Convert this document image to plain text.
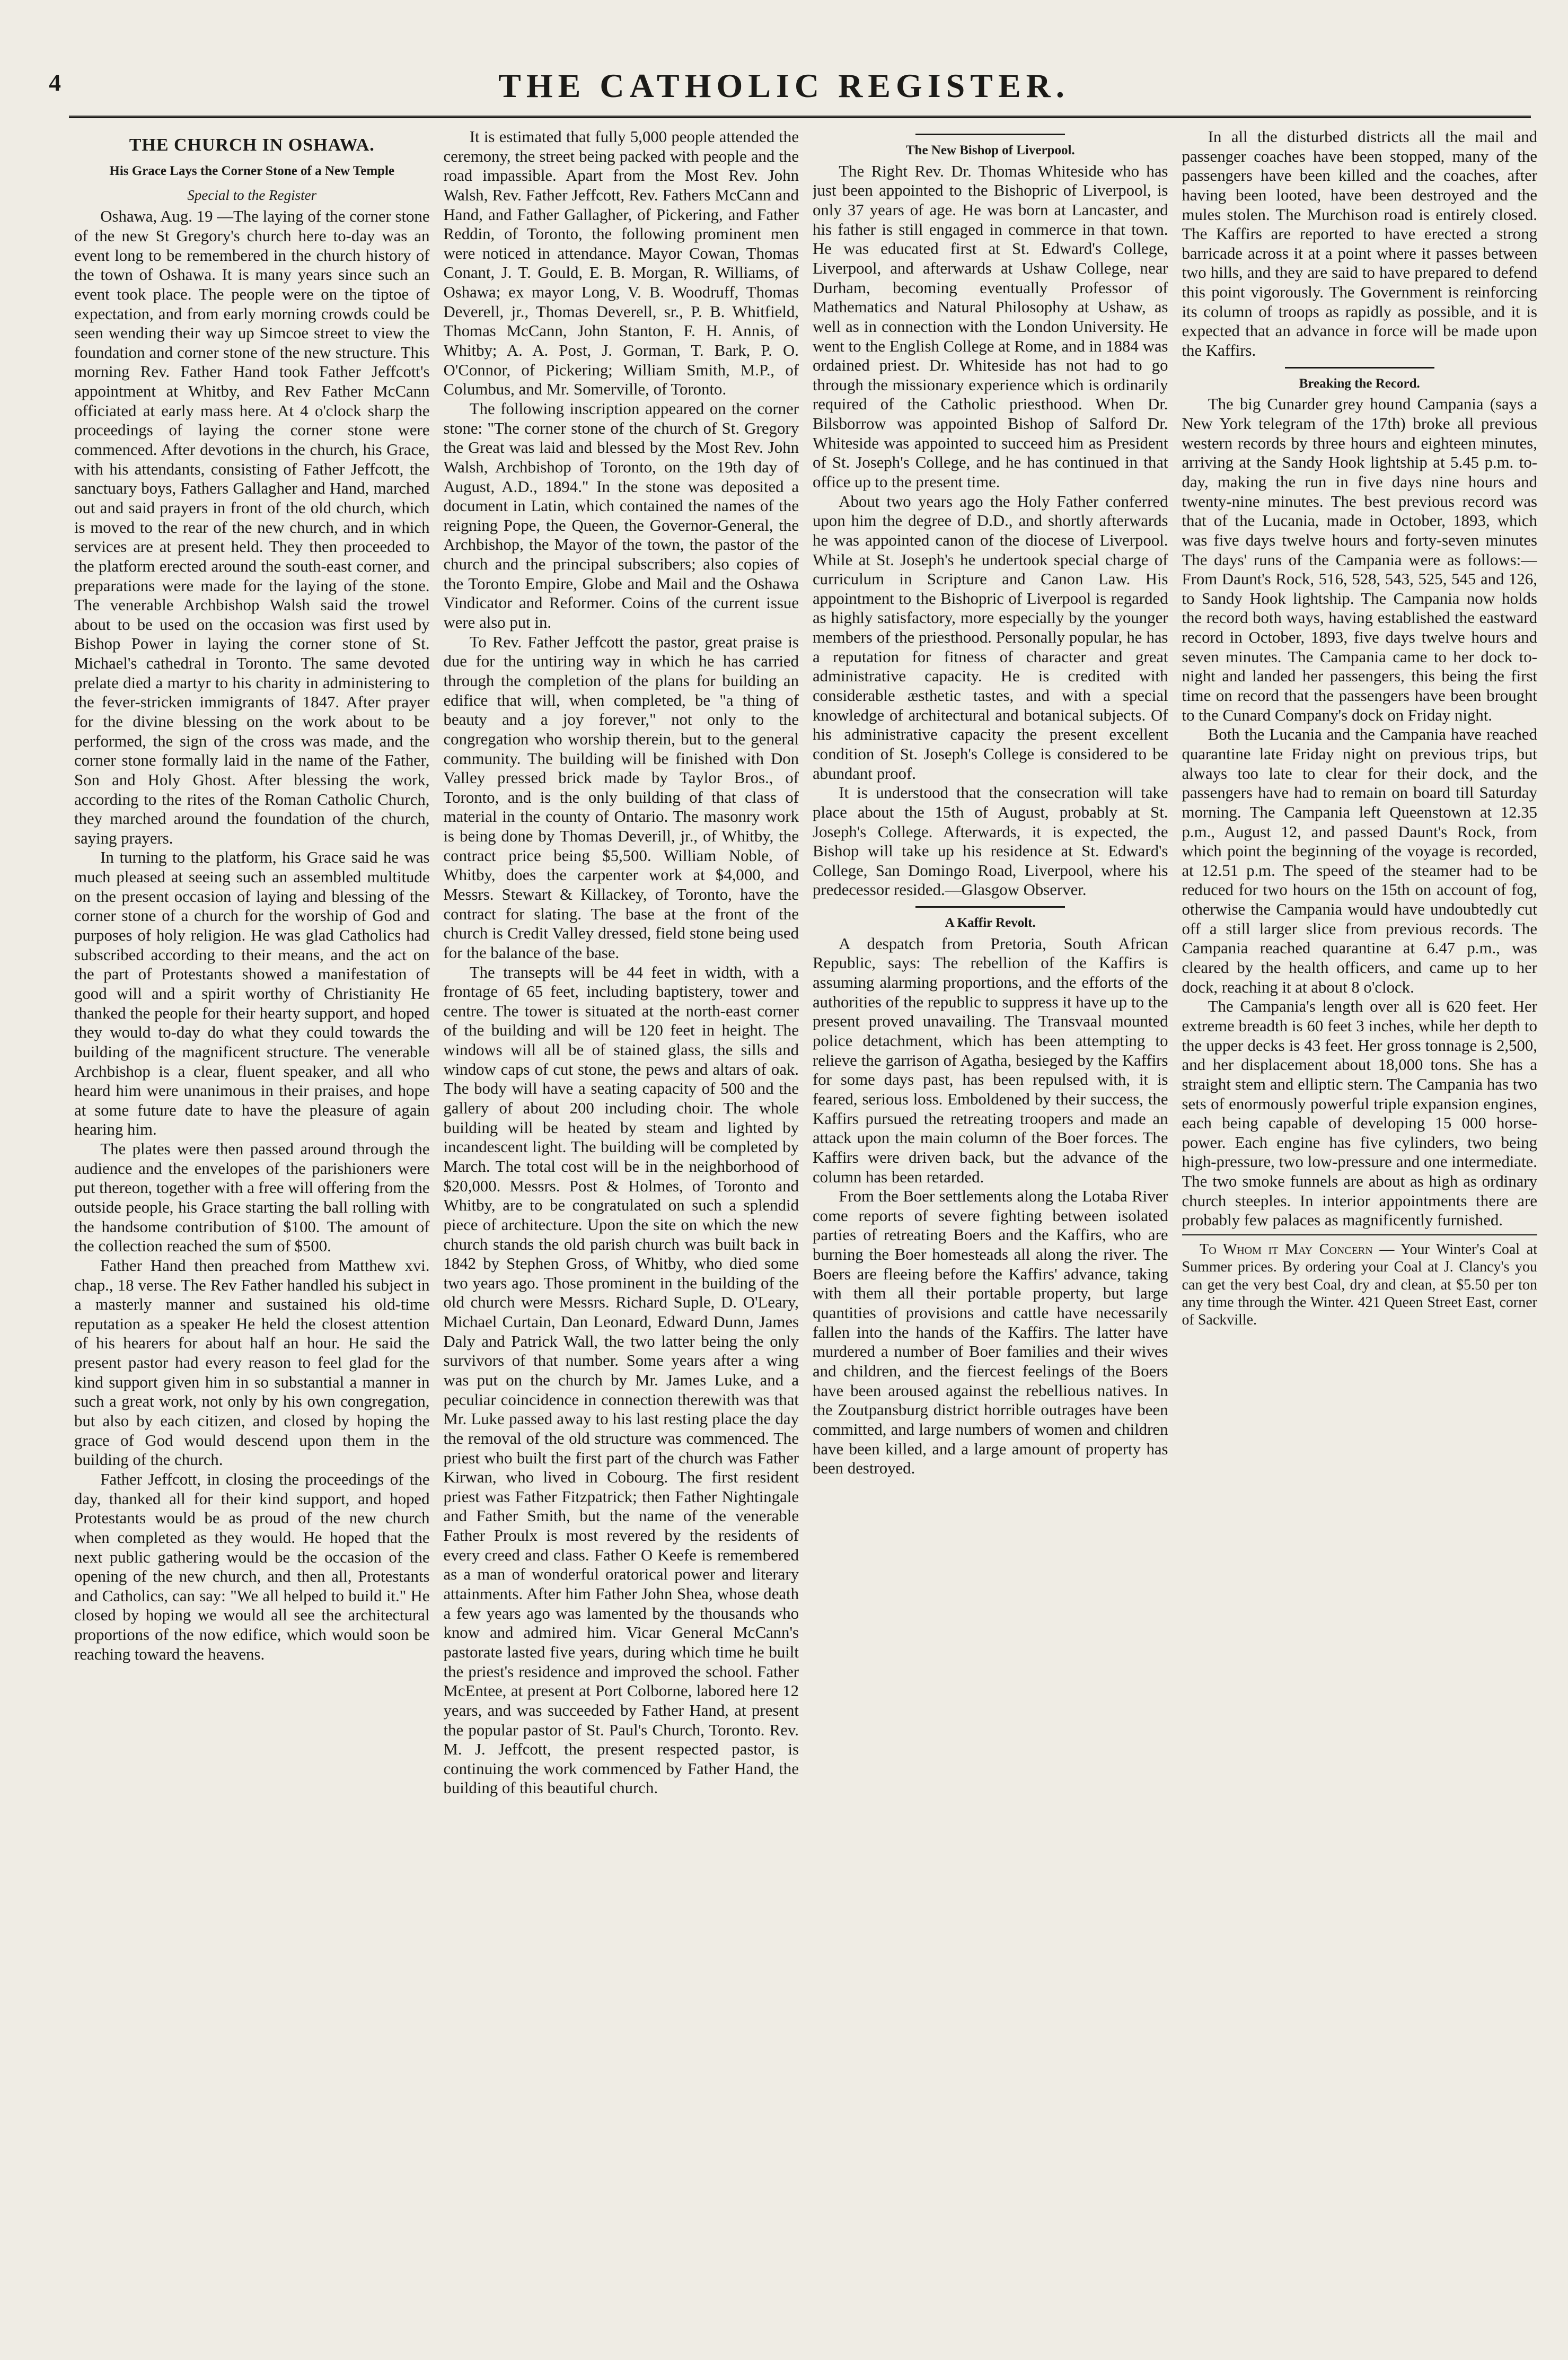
4	THE CATHOLIC REGISTER.
THE CHURCH IN OSHAWA.
His Grace Lays the Corner Stone of a New Temple
Special to the Register

Oshawa, Aug. 19 —The laying of the corner stone of the new St Gregory's church here to-day was an event long to be remembered in the church history of the town of Oshawa. It is many years since such an event took place. The people were on the tiptoe of expectation, and from early morning crowds could be seen wending their way up Simcoe street to view the foundation and corner stone of the new structure. This morning Rev. Father Hand took Father Jeffcott's appointment at Whitby, and Rev Father McCann officiated at early mass here. At 4 o'clock sharp the proceedings of laying the corner stone were commenced. After devotions in the church, his Grace, with his attendants, consisting of Father Jeffcott, the sanctuary boys, Fathers Gallagher and Hand, marched out and said prayers in front of the old church, which is moved to the rear of the new church, and in which services are at present held. They then proceeded to the platform erected around the south-east corner, and preparations were made for the laying of the stone. The venerable Archbishop Walsh said the trowel about to be used on the occasion was first used by Bishop Power in laying the corner stone of St. Michael's cathedral in Toronto. The same devoted prelate died a martyr to his charity in administering to the fever-stricken immigrants of 1847. After prayer for the divine blessing on the work about to be performed, the sign of the cross was made, and the corner stone formally laid in the name of the Father, Son and Holy Ghost. After blessing the work, according to the rites of the Roman Catholic Church, they marched around the foundation of the church, saying prayers.

In turning to the platform, his Grace said he was much pleased at seeing such an assembled multitude on the present occasion of laying and blessing of the corner stone of a church for the worship of God and purposes of holy religion. He was glad Catholics had subscribed according to their means, and the act on the part of Protestants showed a manifestation of good will and a spirit worthy of Christianity He thanked the people for their hearty support, and hoped they would to-day do what they could towards the building of the magnificent structure. The venerable Archbishop is a clear, fluent speaker, and all who heard him were unanimous in their praises, and hope at some future date to have the pleasure of again hearing him.

The plates were then passed around through the audience and the envelopes of the parishioners were put thereon, together with a free will offering from the outside people, his Grace starting the ball rolling with the handsome contribution of $100. The amount of the collection reached the sum of $500.

Father Hand then preached from Matthew xvi. chap., 18 verse. The Rev Father handled his subject in a masterly manner and sustained his old-time reputation as a speaker He held the closest attention of his hearers for about half an hour. He said the present pastor had every reason to feel glad for the kind support given him in so substantial a manner in such a great work, not only by his own congregation, but also by each citizen, and closed by hoping the grace of God would descend upon them in the building of the church.

Father Jeffcott, in closing the proceedings of the day, thanked all for their kind support, and hoped Protestants would be as proud of the new church when completed as they would. He hoped that the next public gathering would be the occasion of the opening of the new church, and then all, Protestants and Catholics, can say: "We all helped to build it." He closed by hoping we would all see the architectural proportions of the now edifice, which would soon be reaching toward the heavens.

It is estimated that fully 5,000 people attended the ceremony, the street being packed with people and the road impassible. Apart from the Most Rev. John Walsh, Rev. Father Jeffcott, Rev. Fathers McCann and Hand, and Father Gallagher, of Pickering, and Father Reddin, of Toronto, the following prominent men were noticed in attendance. Mayor Cowan, Thomas Conant, J. T. Gould, E. B. Morgan, R. Williams, of Oshawa; ex mayor Long, V. B. Woodruff, Thomas Deverell, jr., Thomas Deverell, sr., P. B. Whitfield, Thomas McCann, John Stanton, F. H. Annis, of Whitby; A. A. Post, J. Gorman, T. Bark, P. O. O'Connor, of Pickering; William Smith, M.P., of Columbus, and Mr. Somerville, of Toronto.

The following inscription appeared on the corner stone: "The corner stone of the church of St. Gregory the Great was laid and blessed by the Most Rev. John Walsh, Archbishop of Toronto, on the 19th day of August, A.D., 1894." In the stone was deposited a document in Latin, which contained the names of the reigning Pope, the Queen, the Governor-General, the Archbishop, the Mayor of the town, the pastor of the church and the principal subscribers; also copies of the Toronto Empire, Globe and Mail and the Oshawa Vindicator and Reformer. Coins of the current issue were also put in.

To Rev. Father Jeffcott the pastor, great praise is due for the untiring way in which he has carried through the completion of the plans for building an edifice that will, when completed, be "a thing of beauty and a joy forever," not only to the congregation who worship therein, but to the general community. The building will be finished with Don Valley pressed brick made by Taylor Bros., of Toronto, and is the only building of that class of material in the county of Ontario. The masonry work is being done by Thomas Deverill, jr., of Whitby, the contract price being $5,500. William Noble, of Whitby, does the carpenter work at $4,000, and Messrs. Stewart & Killackey, of Toronto, have the contract for slating. The base at the front of the church is Credit Valley dressed, field stone being used for the balance of the base.

The transepts will be 44 feet in width, with a frontage of 65 feet, including baptistery, tower and centre. The tower is situated at the north-east corner of the building and will be 120 feet in height. The windows will all be of stained glass, the sills and window caps of cut stone, the pews and altars of oak. The body will have a seating capacity of 500 and the gallery of about 200 including choir. The whole building will be heated by steam and lighted by incandescent light. The building will be completed by March. The total cost will be in the neighborhood of $20,000. Messrs. Post & Holmes, of Toronto and Whitby, are to be congratulated on such a splendid piece of architecture. Upon the site on which the new church stands the old parish church was built back in 1842 by Stephen Gross, of Whitby, who died some two years ago. Those prominent in the building of the old church were Messrs. Richard Suple, D. O'Leary, Michael Curtain, Dan Leonard, Edward Dunn, James Daly and Patrick Wall, the two latter being the only survivors of that number. Some years after a wing was put on the church by Mr. James Luke, and a peculiar coincidence in connection therewith was that Mr. Luke passed away to his last resting place the day the removal of the old structure was commenced. The priest who built the first part of the church was Father Kirwan, who lived in Cobourg. The first resident priest was Father Fitzpatrick; then Father Nightingale and Father Smith, but the name of the venerable Father Proulx is most revered by the residents of every creed and class. Father O Keefe is remembered as a man of wonderful oratorical power and literary attainments. After him Father John Shea, whose death a few years ago was lamented by the thousands who know and admired him. Vicar General McCann's pastorate lasted five years, during which time he built the priest's residence and improved the school. Father McEntee, at present at Port Colborne, labored here 12 years, and was succeeded by Father Hand, at present the popular pastor of St. Paul's Church, Toronto. Rev. M. J. Jeffcott, the present respected pastor, is continuing the work commenced by Father Hand, the building of this beautiful church.

The New Bishop of Liverpool.

The Right Rev. Dr. Thomas Whiteside who has just been appointed to the Bishopric of Liverpool, is only 37 years of age. He was born at Lancaster, and his father is still engaged in commerce in that town. He was educated first at St. Edward's College, Liverpool, and afterwards at Ushaw College, near Durham, becoming eventually Professor of Mathematics and Natural Philosophy at Ushaw, as well as in connection with the London University. He went to the English College at Rome, and in 1884 was ordained priest. Dr. Whiteside has not had to go through the missionary experience which is ordinarily required of the Catholic priesthood. When Dr. Bilsborrow was appointed Bishop of Salford Dr. Whiteside was appointed to succeed him as President of St. Joseph's College, and he has continued in that office up to the present time.

About two years ago the Holy Father conferred upon him the degree of D.D., and shortly afterwards he was appointed canon of the diocese of Liverpool. While at St. Joseph's he undertook special charge of curriculum in Scripture and Canon Law. His appointment to the Bishopric of Liverpool is regarded as highly satisfactory, more especially by the younger members of the priesthood. Personally popular, he has a reputation for fitness of character and great administrative capacity. He is credited with considerable æsthetic tastes, and with a special knowledge of architectural and botanical subjects. Of his administrative capacity the present excellent condition of St. Joseph's College is considered to be abundant proof.

It is understood that the consecration will take place about the 15th of August, probably at St. Joseph's College. Afterwards, it is expected, the Bishop will take up his residence at St. Edward's College, San Domingo Road, Liverpool, where his predecessor resided.—Glasgow Observer.

A Kaffir Revolt.

A despatch from Pretoria, South African Republic, says: The rebellion of the Kaffirs is assuming alarming proportions, and the efforts of the authorities of the republic to suppress it have up to the present proved unavailing. The Transvaal mounted police detachment, which has been attempting to relieve the garrison of Agatha, besieged by the Kaffirs for some days past, has been repulsed with, it is feared, serious loss. Emboldened by their success, the Kaffirs pursued the retreating troopers and made an attack upon the main column of the Boer forces. The Kaffirs were driven back, but the advance of the column has been retarded.

From the Boer settlements along the Lotaba River come reports of severe fighting between isolated parties of retreating Boers and the Kaffirs, who are burning the Boer homesteads all along the river. The Boers are fleeing before the Kaffirs' advance, taking with them all their portable property, but large quantities of provisions and cattle have necessarily fallen into the hands of the Kaffirs. The latter have murdered a number of Boer families and their wives and children, and the fiercest feelings of the Boers have been aroused against the rebellious natives. In the Zoutpansburg district horrible outrages have been committed, and large numbers of women and children have been killed, and a large amount of property has been destroyed.

In all the disturbed districts all the mail and passenger coaches have been stopped, many of the passengers have been killed and the coaches, after having been looted, have been destroyed and the mules stolen. The Murchison road is entirely closed. The Kaffirs are reported to have erected a strong barricade across it at a point where it passes between two hills, and they are said to have prepared to defend this point vigorously. The Government is reinforcing its column of troops as rapidly as possible, and it is expected that an advance in force will be made upon the Kaffirs.

Breaking the Record.

The big Cunarder grey hound Campania (says a New York telegram of the 17th) broke all previous western records by three hours and eighteen minutes, arriving at the Sandy Hook lightship at 5.45 p.m. to-day, making the run in five days nine hours and twenty-nine minutes. The best previous record was that of the Lucania, made in October, 1893, which was five days twelve hours and forty-seven minutes The days' runs of the Campania were as follows:—From Daunt's Rock, 516, 528, 543, 525, 545 and 126, to Sandy Hook lightship. The Campania now holds the record both ways, having established the eastward record in October, 1893, five days twelve hours and seven minutes. The Campania came to her dock to-night and landed her passengers, this being the first time on record that the passengers have been brought to the Cunard Company's dock on Friday night.

Both the Lucania and the Campania have reached quarantine late Friday night on previous trips, but always too late to clear for their dock, and the passengers have had to remain on board till Saturday morning. The Campania left Queenstown at 12.35 p.m., August 12, and passed Daunt's Rock, from which point the beginning of the voyage is recorded, at 12.51 p.m. The speed of the steamer had to be reduced for two hours on the 15th on account of fog, otherwise the Campania would have undoubtedly cut off a still larger slice from previous records. The Campania reached quarantine at 6.47 p.m., was cleared by the health officers, and came up to her dock, reaching it at about 8 o'clock.

The Campania's length over all is 620 feet. Her extreme breadth is 60 feet 3 inches, while her depth to the upper decks is 43 feet. Her gross tonnage is 2,500, and her displacement about 18,000 tons. She has a straight stem and elliptic stern. The Campania has two sets of enormously powerful triple expansion engines, each being capable of developing 15 000 horse-power. Each engine has five cylinders, two being high-pressure, two low-pressure and one intermediate. The two smoke funnels are about as high as ordinary church steeples. In interior appointments there are probably few palaces as magnificently furnished.

To Whom it May Concern — Your Winter's Coal at Summer prices. By ordering your Coal at J. Clancy's you can get the very best Coal, dry and clean, at $5.50 per ton any time through the Winter. 421 Queen Street East, corner of Sackville.
